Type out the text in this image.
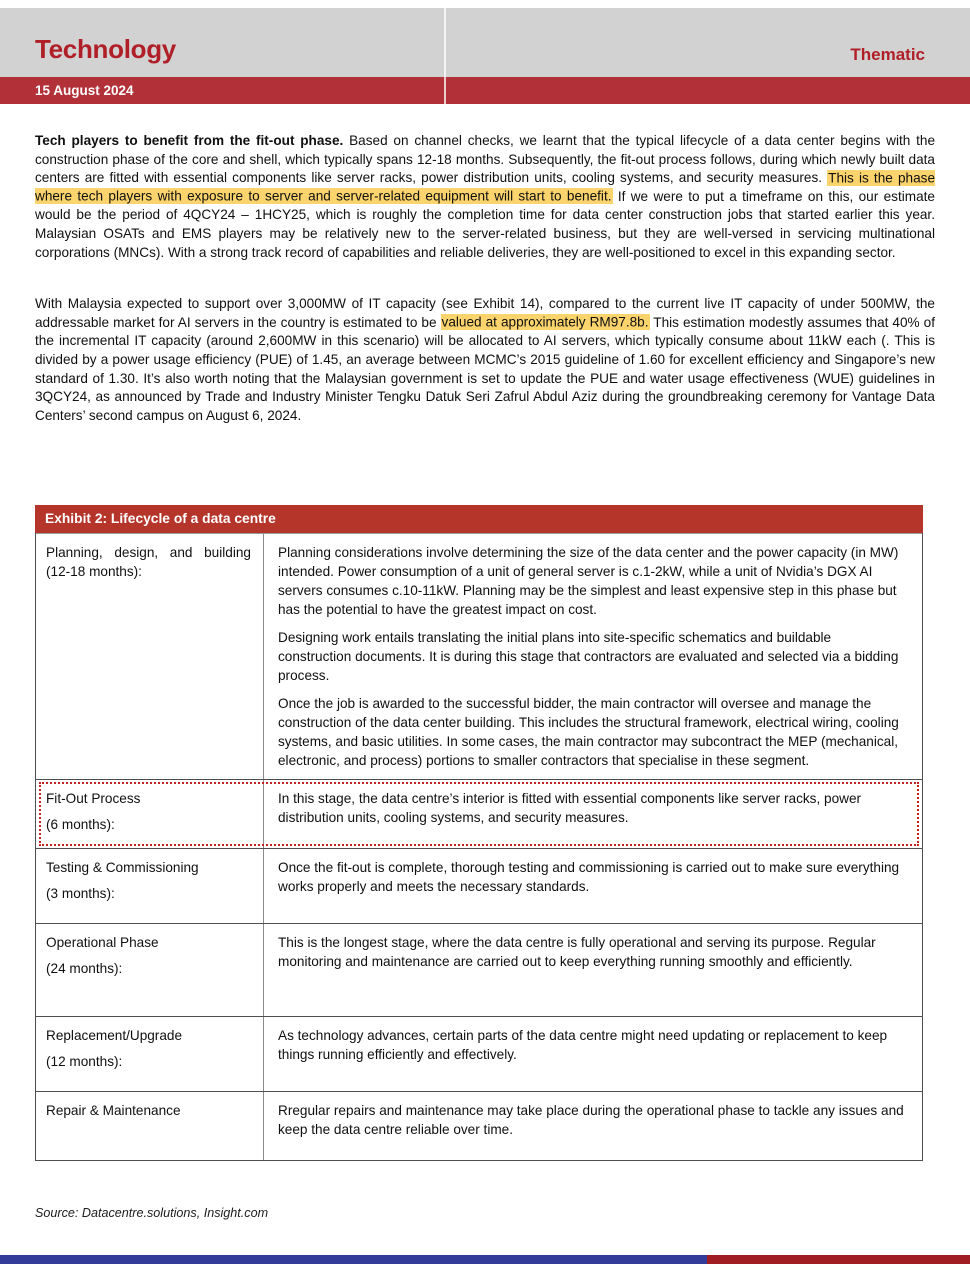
Technology	Thematic
15 August 2024

Tech players to benefit from the fit-out phase. Based on channel checks, we learnt that the typical lifecycle of a data center begins with the construction phase of the core and shell, which typically spans 12-18 months. Subsequently, the fit-out process follows, during which newly built data centers are fitted with essential components like server racks, power distribution units, cooling systems, and security measures. This is the phase where tech players with exposure to server and server-related equipment will start to benefit. If we were to put a timeframe on this, our estimate would be the period of 4QCY24 – 1HCY25, which is roughly the completion time for data center construction jobs that started earlier this year. Malaysian OSATs and EMS players may be relatively new to the server-related business, but they are well-versed in servicing multinational corporations (MNCs). With a strong track record of capabilities and reliable deliveries, they are well-positioned to excel in this expanding sector.

With Malaysia expected to support over 3,000MW of IT capacity (see Exhibit 14), compared to the current live IT capacity of under 500MW, the addressable market for AI servers in the country is estimated to be valued at approximately RM97.8b. This estimation modestly assumes that 40% of the incremental IT capacity (around 2,600MW in this scenario) will be allocated to AI servers, which typically consume about 11kW each (. This is divided by a power usage efficiency (PUE) of 1.45, an average between MCMC’s 2015 guideline of 1.60 for excellent efficiency and Singapore’s new standard of 1.30. It’s also worth noting that the Malaysian government is set to update the PUE and water usage effectiveness (WUE) guidelines in 3QCY24, as announced by Trade and Industry Minister Tengku Datuk Seri Zafrul Abdul Aziz during the groundbreaking ceremony for Vantage Data Centers’ second campus on August 6, 2024.

Exhibit 2: Lifecycle of a data centre
Planning, design, and building (12-18 months):

Planning considerations involve determining the size of the data center and the power capacity (in MW) intended. Power consumption of a unit of general server is c.1-2kW, while a unit of Nvidia’s DGX AI servers consumes c.10-11kW. Planning may be the simplest and least expensive step in this phase but has the potential to have the greatest impact on cost.

Designing work entails translating the initial plans into site-specific schematics and buildable construction documents. It is during this stage that contractors are evaluated and selected via a bidding process.

Once the job is awarded to the successful bidder, the main contractor will oversee and manage the construction of the data center building. This includes the structural framework, electrical wiring, cooling systems, and basic utilities. In some cases, the main contractor may subcontract the MEP (mechanical, electronic, and process) portions to smaller contractors that specialise in these segment.

Fit-Out Process
(6 months):

In this stage, the data centre’s interior is fitted with essential components like server racks, power distribution units, cooling systems, and security measures.

Testing & Commissioning
(3 months):

Once the fit-out is complete, thorough testing and commissioning is carried out to make sure everything works properly and meets the necessary standards.

Operational Phase
(24 months):

This is the longest stage, where the data centre is fully operational and serving its purpose. Regular monitoring and maintenance are carried out to keep everything running smoothly and efficiently.

Replacement/Upgrade
(12 months):

As technology advances, certain parts of the data centre might need updating or replacement to keep things running efficiently and effectively.

Repair & Maintenance	Rregular repairs and maintenance may take place during the operational phase to tackle any issues and keep the data centre reliable over time.

Source: Datacentre.solutions, Insight.com
